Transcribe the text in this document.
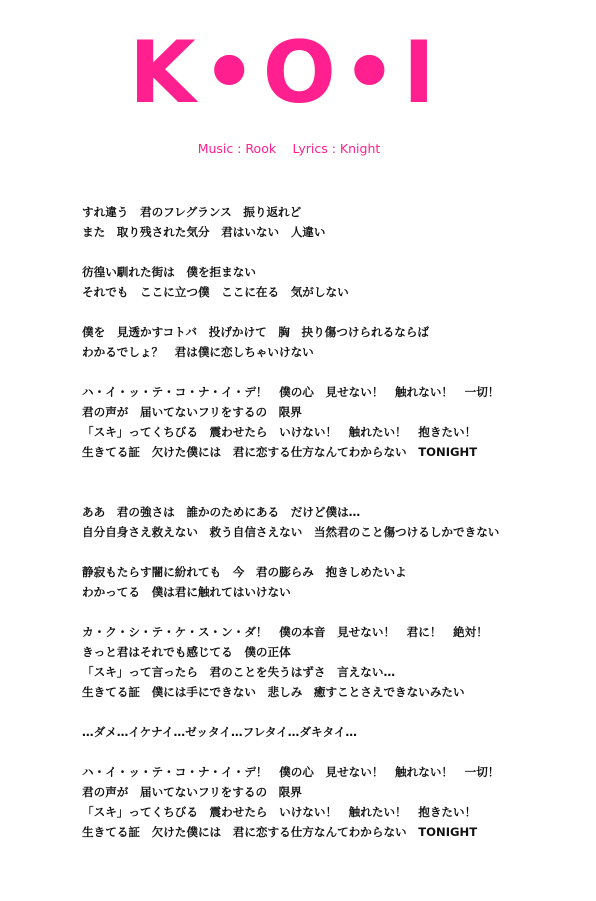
K•O•I
Music : Rook　 Lyrics : Knight
すれ違う　君のフレグランス　振り返れど
また　取り残された気分　君はいない　人違い
彷徨い馴れた街は　僕を拒まない
それでも　ここに立つ僕　ここに在る　気がしない
僕を　見透かすコトバ　投げかけて　胸　抉り傷つけられるならば
わかるでしょ？　君は僕に恋しちゃいけない
ハ・イ・ッ・テ・コ・ナ・イ・デ！　僕の心　見せない！　触れない！　一切！
君の声が　届いてないフリをするの　限界
「スキ」ってくちびる　震わせたら　いけない！　触れたい！　抱きたい！
生きてる証　欠けた僕には　君に恋する仕方なんてわからない　TONIGHT
ああ　君の強さは　誰かのためにある　だけど僕は…
自分自身さえ救えない　救う自信さえない　当然君のこと傷つけるしかできない
静寂もたらす闇に紛れても　今　君の膨らみ　抱きしめたいよ
わかってる　僕は君に触れてはいけない
カ・ク・シ・テ・ケ・ス・ン・ダ！　僕の本音　見せない！　君に！　絶対！
きっと君はそれでも感じてる　僕の正体
「スキ」って言ったら　君のことを失うはずさ　言えない…
生きてる証　僕には手にできない　悲しみ　癒すことさえできないみたい
…ダメ…イケナイ…ゼッタイ…フレタイ…ダキタイ…
ハ・イ・ッ・テ・コ・ナ・イ・デ！　僕の心　見せない！　触れない！　一切！
君の声が　届いてないフリをするの　限界
「スキ」ってくちびる　震わせたら　いけない！　触れたい！　抱きたい！
生きてる証　欠けた僕には　君に恋する仕方なんてわからない　TONIGHT
